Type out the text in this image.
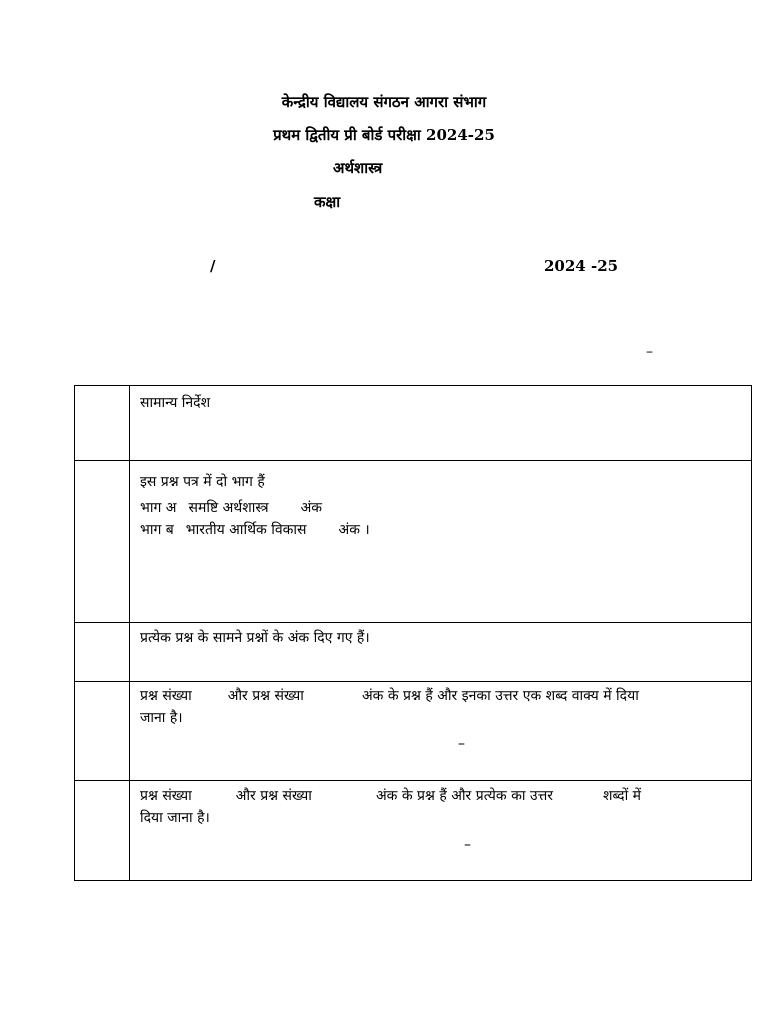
केन्द्रीय विद्यालय संगठन आगरा संभाग
प्रथम द्वितीय प्री बोर्ड परीक्षा 2024-25
अर्थशास्त्र
कक्षा
/	2024 -25
–

	सामान्य निर्देश

	इस प्रश्न पत्र में दो भाग हैं
भाग अ समष्टि अर्थशास्त्र अंक
भाग ब भारतीय आर्थिक विकास अंक ।

	प्रत्येक प्रश्न के सामने प्रश्नों के अंक दिए गए हैं।

	प्रश्न संख्या और प्रश्न संख्या अंक के प्रश्न हैं और इनका उत्तर एक शब्द वाक्य में दिया
जाना है।
–

	प्रश्न संख्या और प्रश्न संख्या अंक के प्रश्न हैं और प्रत्येक का उत्तर शब्दों में
दिया जाना है।
–
